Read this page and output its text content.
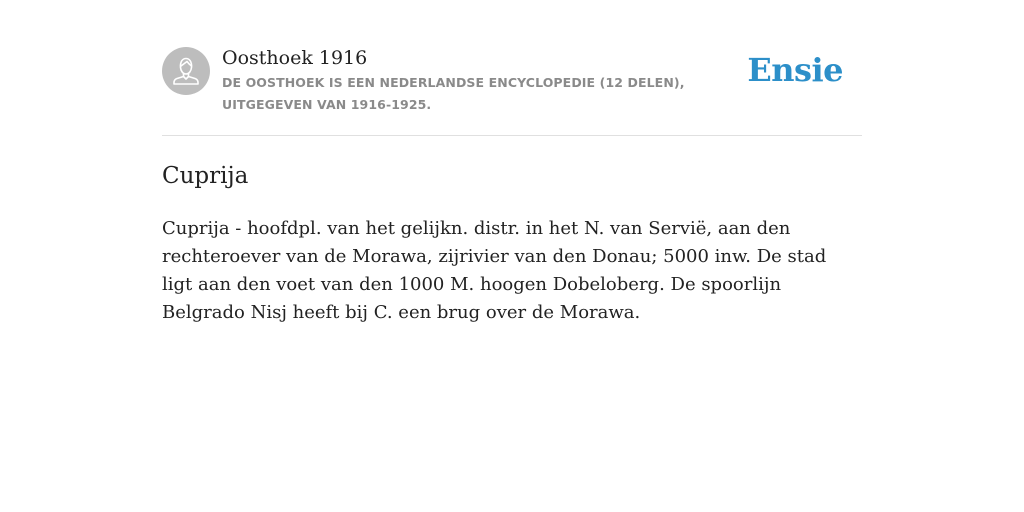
Oosthoek 1916

DE OOSTHOEK IS EEN NEDERLANDSE ENCYCLOPEDIE (12 DELEN), UITGEGEVEN VAN 1916-1925.
Ensie
Cuprija

Cuprija - hoofdpl. van het gelijkn. distr. in het N. van Servië, aan den rechteroever van de Morawa, zijrivier van den Donau; 5000 inw. De stad ligt aan den voet van den 1000 M. hoogen Dobeloberg. De spoorlijn Belgrado Nisj heeft bij C. een brug over de Morawa.
